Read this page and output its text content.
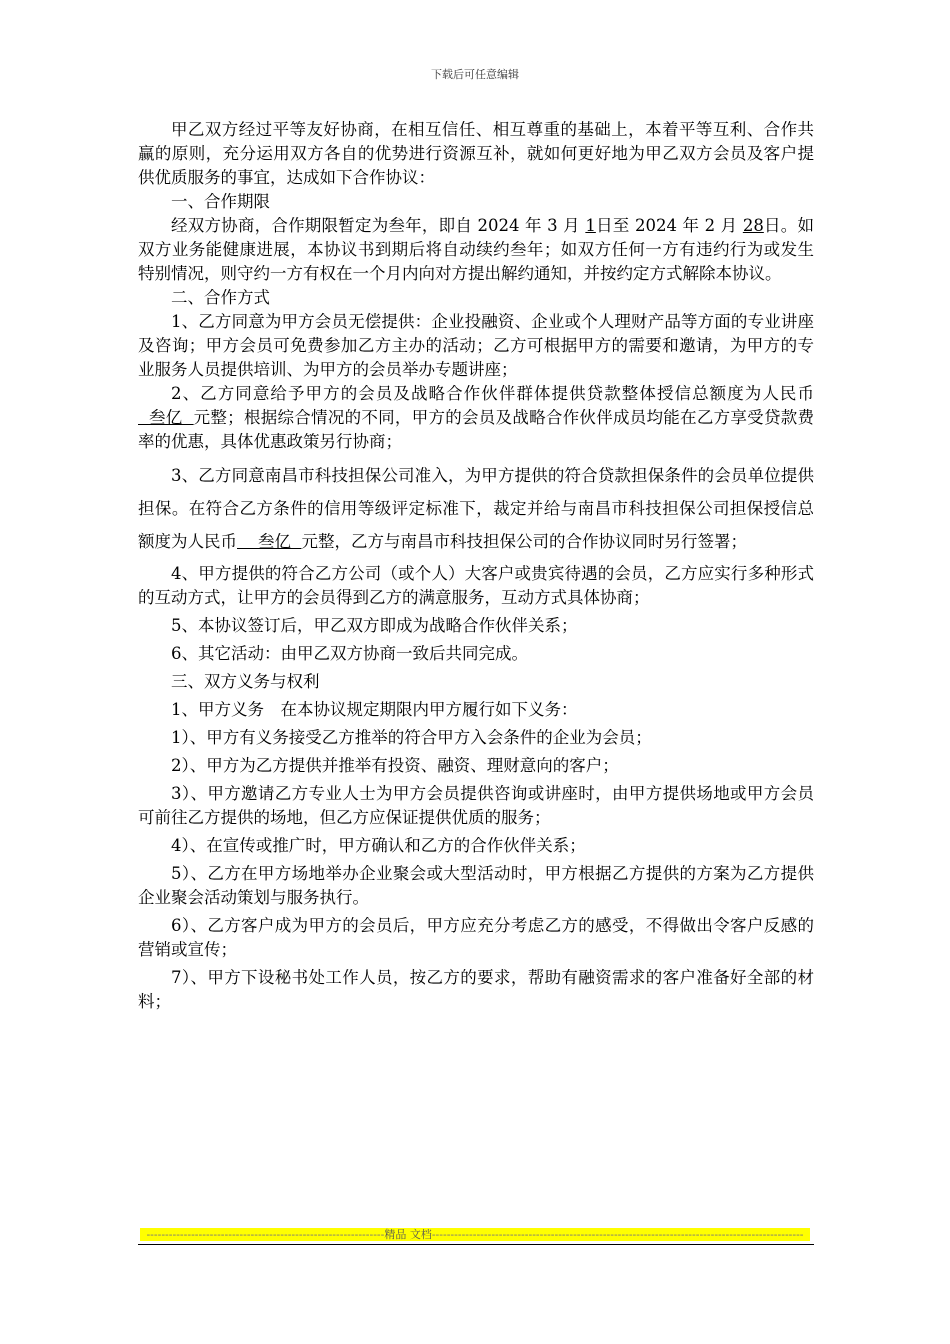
下载后可任意编辑

甲乙双方经过平等友好协商，在相互信任、相互尊重的基础上，本着平等互利、合作共赢的原则，充分运用双方各自的优势进行资源互补，就如何更好地为甲乙双方会员及客户提供优质服务的事宜，达成如下合作协议：

一、合作期限

经双方协商，合作期限暂定为叁年，即自 2024 年 3 月 1日至 2024 年 2 月 28日。如双方业务能健康进展，本协议书到期后将自动续约叁年；如双方任何一方有违约行为或发生特别情况，则守约一方有权在一个月内向对方提出解约通知，并按约定方式解除本协议。

二、合作方式

1、乙方同意为甲方会员无偿提供：企业投融资、企业或个人理财产品等方面的专业讲座及咨询；甲方会员可免费参加乙方主办的活动；乙方可根据甲方的需要和邀请，为甲方的专业服务人员提供培训、为甲方的会员举办专题讲座；

2、乙方同意给予甲方的会员及战略合作伙伴群体提供贷款整体授信总额度为人民币  叁亿  元整；根据综合情况的不同，甲方的会员及战略合作伙伴成员均能在乙方享受贷款费率的优惠，具体优惠政策另行协商；

3、乙方同意南昌市科技担保公司准入，为甲方提供的符合贷款担保条件的会员单位提供担保。在符合乙方条件的信用等级评定标准下，裁定并给与南昌市科技担保公司担保授信总额度为人民币    叁亿  元整，乙方与南昌市科技担保公司的合作协议同时另行签署；

4、甲方提供的符合乙方公司（或个人）大客户或贵宾待遇的会员，乙方应实行多种形式的互动方式，让甲方的会员得到乙方的满意服务，互动方式具体协商；

5、本协议签订后，甲乙双方即成为战略合作伙伴关系；

6、其它活动：由甲乙双方协商一致后共同完成。

三、双方义务与权利

1、甲方义务　在本协议规定期限内甲方履行如下义务：

1）、甲方有义务接受乙方推举的符合甲方入会条件的企业为会员；

2）、甲方为乙方提供并推举有投资、融资、理财意向的客户；

3）、甲方邀请乙方专业人士为甲方会员提供咨询或讲座时，由甲方提供场地或甲方会员可前往乙方提供的场地，但乙方应保证提供优质的服务；

4）、在宣传或推广时，甲方确认和乙方的合作伙伴关系；

5）、乙方在甲方场地举办企业聚会或大型活动时，甲方根据乙方提供的方案为乙方提供企业聚会活动策划与服务执行。

6）、乙方客户成为甲方的会员后，甲方应充分考虑乙方的感受，不得做出令客户反感的营销或宣传；

7）、甲方下设秘书处工作人员，按乙方的要求，帮助有融资需求的客户准备好全部的材料；

----------------------------------------------------------------精品 文档----------------------------------------------------------------------------------------------------
